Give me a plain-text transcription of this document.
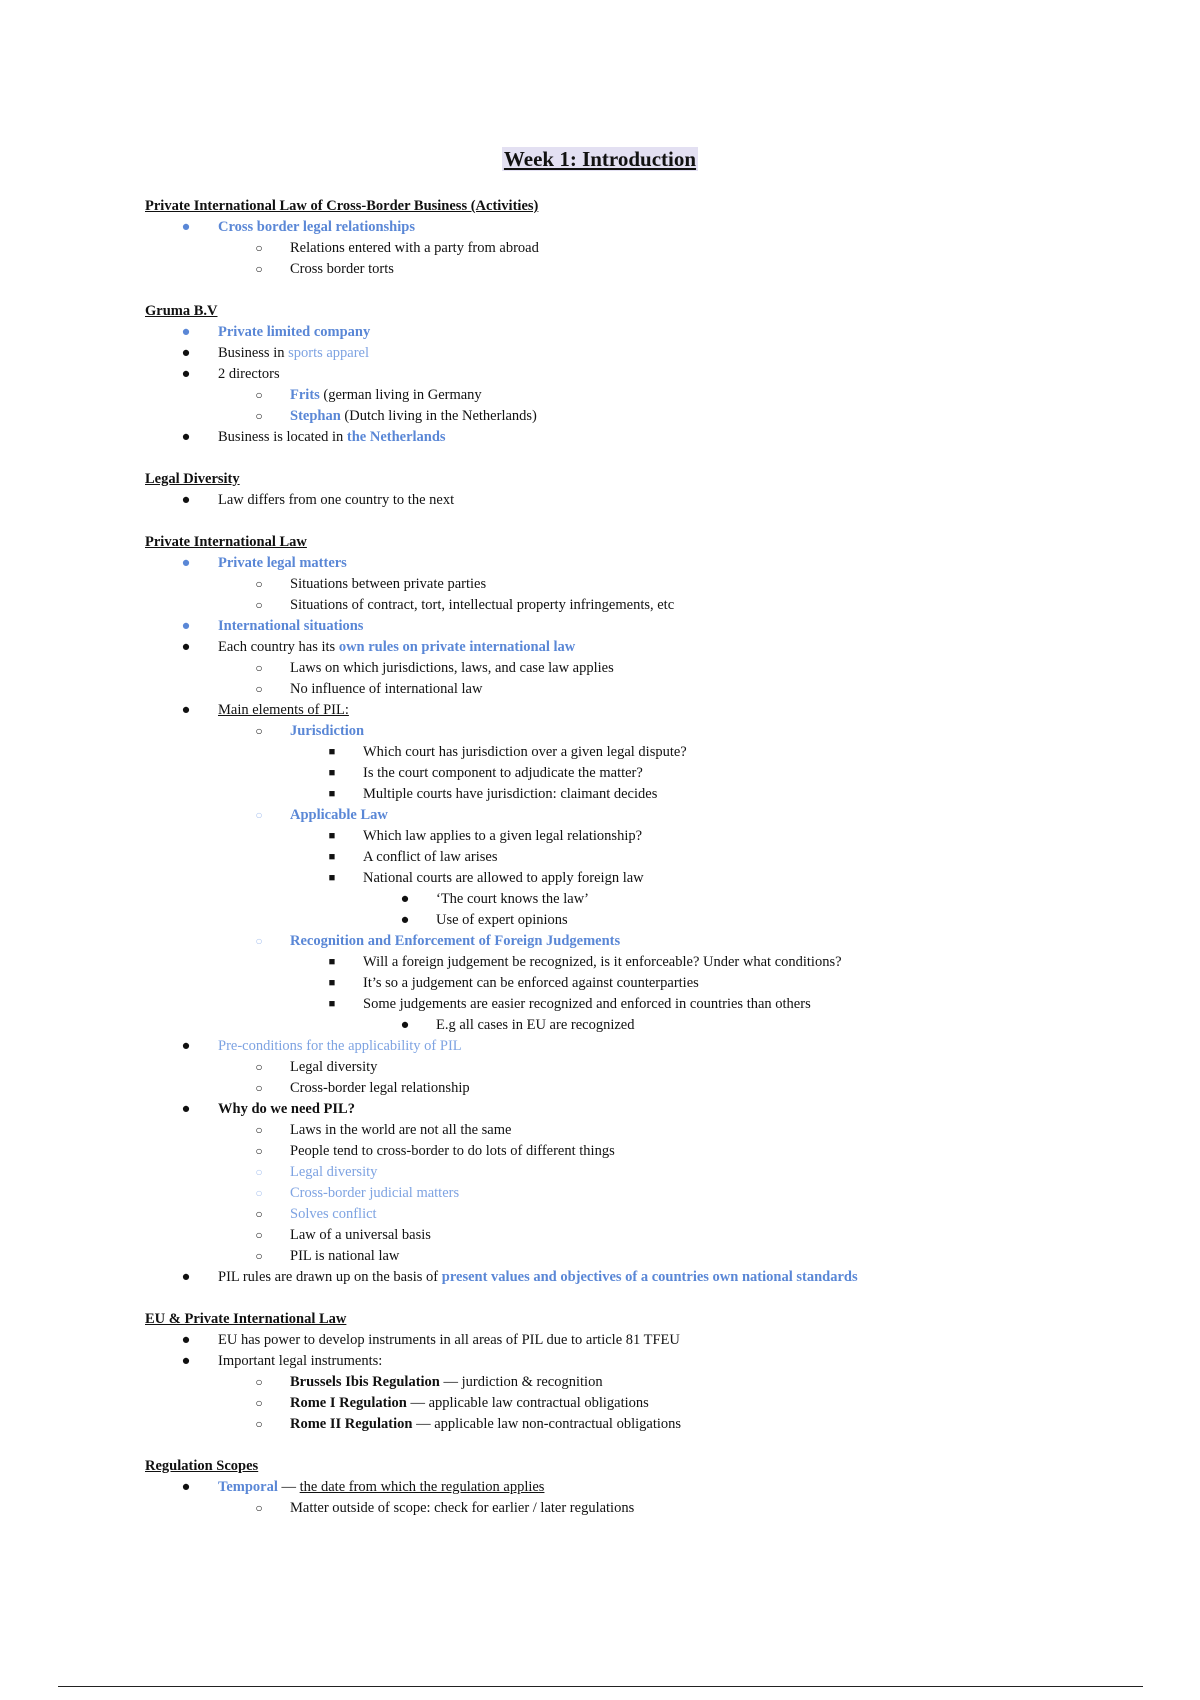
Week 1: Introduction
Private International Law of Cross-Border Business (Activities)
● Cross border legal relationships
○ Relations entered with a party from abroad
○ Cross border torts
Gruma B.V
● Private limited company
● Business in sports apparel
● 2 directors
○ Frits (german living in Germany
○ Stephan (Dutch living in the Netherlands)
● Business is located in the Netherlands
Legal Diversity
● Law differs from one country to the next
Private International Law
● Private legal matters
○ Situations between private parties
○ Situations of contract, tort, intellectual property infringements, etc
● International situations
● Each country has its own rules on private international law
○ Laws on which jurisdictions, laws, and case law applies
○ No influence of international law
● Main elements of PIL:
○ Jurisdiction
■ Which court has jurisdiction over a given legal dispute?
■ Is the court component to adjudicate the matter?
■ Multiple courts have jurisdiction: claimant decides
○ Applicable Law
■ Which law applies to a given legal relationship?
■ A conflict of law arises
■ National courts are allowed to apply foreign law
● ‘The court knows the law’
● Use of expert opinions
○ Recognition and Enforcement of Foreign Judgements
■ Will a foreign judgement be recognized, is it enforceable? Under what conditions?
■ It’s so a judgement can be enforced against counterparties
■ Some judgements are easier recognized and enforced in countries than others
● E.g all cases in EU are recognized
● Pre-conditions for the applicability of PIL
○ Legal diversity
○ Cross-border legal relationship
● Why do we need PIL?
○ Laws in the world are not all the same
○ People tend to cross-border to do lots of different things
○ Legal diversity
○ Cross-border judicial matters
○ Solves conflict
○ Law of a universal basis
○ PIL is national law
● PIL rules are drawn up on the basis of present values and objectives of a countries own national standards
EU & Private International Law
● EU has power to develop instruments in all areas of PIL due to article 81 TFEU
● Important legal instruments:
○ Brussels Ibis Regulation — jurdiction & recognition
○ Rome I Regulation — applicable law contractual obligations
○ Rome II Regulation — applicable law non-contractual obligations
Regulation Scopes
● Temporal — the date from which the regulation applies
○ Matter outside of scope: check for earlier / later regulations
